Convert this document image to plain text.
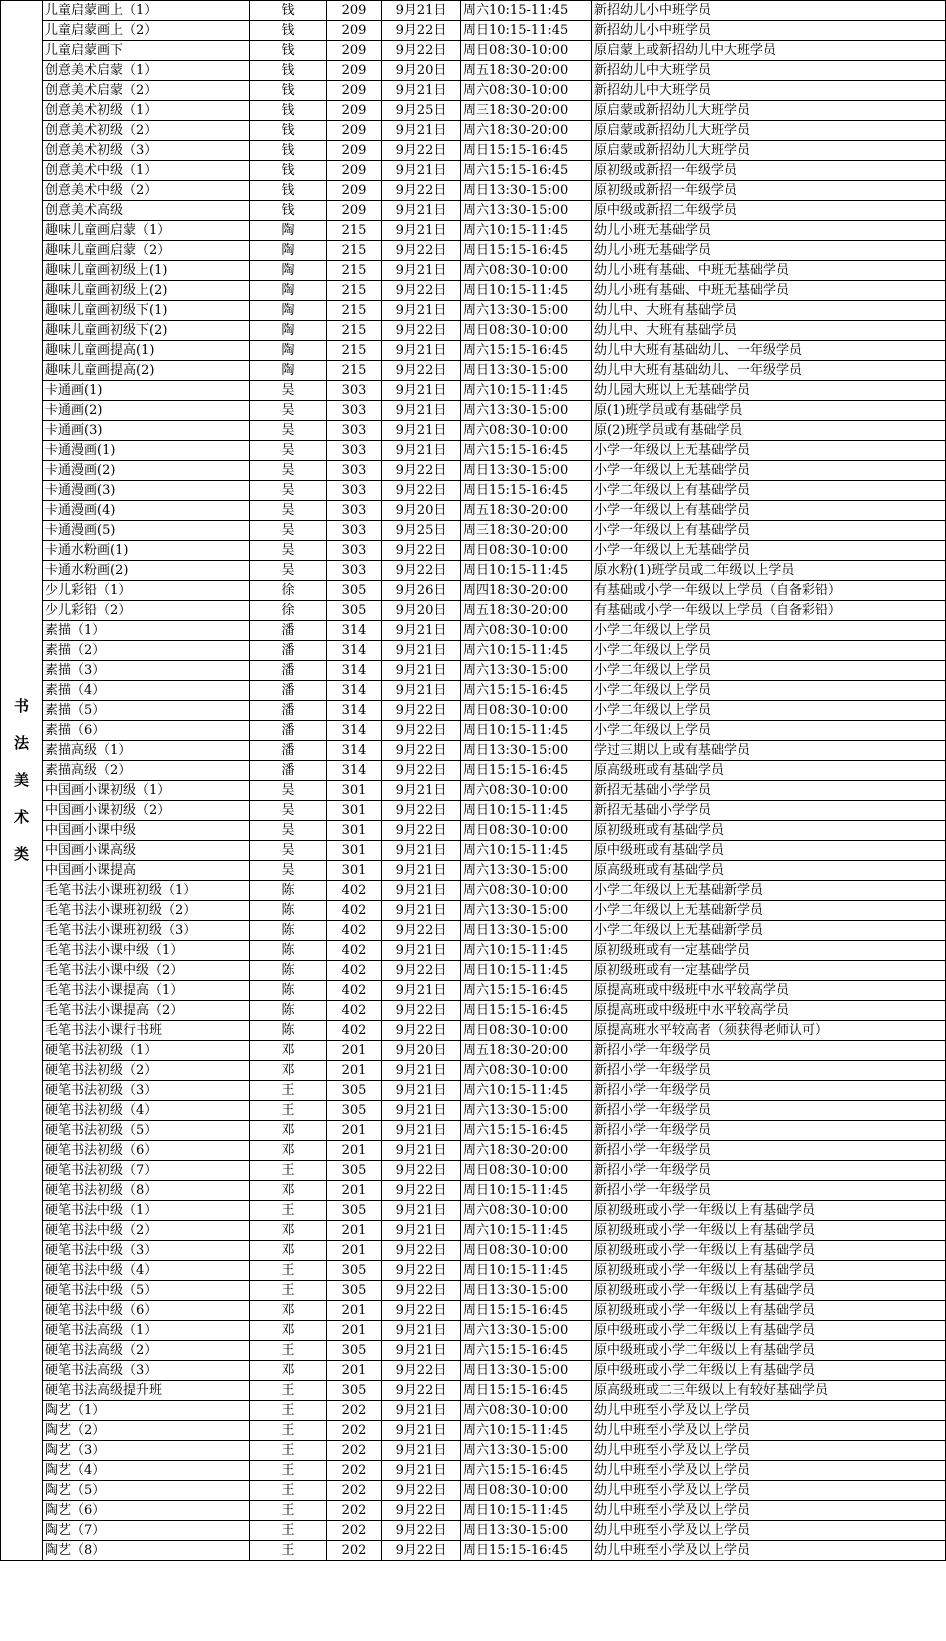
书
法
美
术
类	儿童启蒙画上（1）	钱	209	9月21日	周六10:15-11:45	新招幼儿小中班学员
	儿童启蒙画上（2）	钱	209	9月22日	周日10:15-11:45	新招幼儿小中班学员
	儿童启蒙画下	钱	209	9月22日	周日08:30-10:00	原启蒙上或新招幼儿中大班学员
	创意美术启蒙（1）	钱	209	9月20日	周五18:30-20:00	新招幼儿中大班学员
	创意美术启蒙（2）	钱	209	9月21日	周六08:30-10:00	新招幼儿中大班学员
	创意美术初级（1）	钱	209	9月25日	周三18:30-20:00	原启蒙或新招幼儿大班学员
	创意美术初级（2）	钱	209	9月21日	周六18:30-20:00	原启蒙或新招幼儿大班学员
	创意美术初级（3）	钱	209	9月22日	周日15:15-16:45	原启蒙或新招幼儿大班学员
	创意美术中级（1）	钱	209	9月21日	周六15:15-16:45	原初级或新招一年级学员
	创意美术中级（2）	钱	209	9月22日	周日13:30-15:00	原初级或新招一年级学员
	创意美术高级	钱	209	9月21日	周六13:30-15:00	原中级或新招二年级学员
	趣味儿童画启蒙（1）	陶	215	9月21日	周六10:15-11:45	幼儿小班无基础学员
	趣味儿童画启蒙（2）	陶	215	9月22日	周日15:15-16:45	幼儿小班无基础学员
	趣味儿童画初级上(1)	陶	215	9月21日	周六08:30-10:00	幼儿小班有基础、中班无基础学员
	趣味儿童画初级上(2)	陶	215	9月22日	周日10:15-11:45	幼儿小班有基础、中班无基础学员
	趣味儿童画初级下(1)	陶	215	9月21日	周六13:30-15:00	幼儿中、大班有基础学员
	趣味儿童画初级下(2)	陶	215	9月22日	周日08:30-10:00	幼儿中、大班有基础学员
	趣味儿童画提高(1)	陶	215	9月21日	周六15:15-16:45	幼儿中大班有基础幼儿、一年级学员
	趣味儿童画提高(2)	陶	215	9月22日	周日13:30-15:00	幼儿中大班有基础幼儿、一年级学员
	卡通画(1)	吴	303	9月21日	周六10:15-11:45	幼儿园大班以上无基础学员
	卡通画(2)	吴	303	9月21日	周六13:30-15:00	原(1)班学员或有基础学员
	卡通画(3)	吴	303	9月21日	周六08:30-10:00	原(2)班学员或有基础学员
	卡通漫画(1)	吴	303	9月21日	周六15:15-16:45	小学一年级以上无基础学员
	卡通漫画(2)	吴	303	9月22日	周日13:30-15:00	小学一年级以上无基础学员
	卡通漫画(3)	吴	303	9月22日	周日15:15-16:45	小学二年级以上有基础学员
	卡通漫画(4)	吴	303	9月20日	周五18:30-20:00	小学一年级以上有基础学员
	卡通漫画(5)	吴	303	9月25日	周三18:30-20:00	小学一年级以上有基础学员
	卡通水粉画(1)	吴	303	9月22日	周日08:30-10:00	小学一年级以上无基础学员
	卡通水粉画(2)	吴	303	9月22日	周日10:15-11:45	原水粉(1)班学员或二年级以上学员
	少儿彩铅（1）	徐	305	9月26日	周四18:30-20:00	有基础或小学一年级以上学员（自备彩铅）
	少儿彩铅（2）	徐	305	9月20日	周五18:30-20:00	有基础或小学一年级以上学员（自备彩铅）
	素描（1）	潘	314	9月21日	周六08:30-10:00	小学二年级以上学员
	素描（2）	潘	314	9月21日	周六10:15-11:45	小学二年级以上学员
	素描（3）	潘	314	9月21日	周六13:30-15:00	小学二年级以上学员
	素描（4）	潘	314	9月21日	周六15:15-16:45	小学二年级以上学员
	素描（5）	潘	314	9月22日	周日08:30-10:00	小学二年级以上学员
	素描（6）	潘	314	9月22日	周日10:15-11:45	小学二年级以上学员
	素描高级（1）	潘	314	9月22日	周日13:30-15:00	学过三期以上或有基础学员
	素描高级（2）	潘	314	9月22日	周日15:15-16:45	原高级班或有基础学员
	中国画小课初级（1）	吴	301	9月21日	周六08:30-10:00	新招无基础小学学员
	中国画小课初级（2）	吴	301	9月22日	周日10:15-11:45	新招无基础小学学员
	中国画小课中级	吴	301	9月22日	周日08:30-10:00	原初级班或有基础学员
	中国画小课高级	吴	301	9月21日	周六10:15-11:45	原中级班或有基础学员
	中国画小课提高	吴	301	9月21日	周六13:30-15:00	原高级班或有基础学员
	毛笔书法小课班初级（1）	陈	402	9月21日	周六08:30-10:00	小学二年级以上无基础新学员
	毛笔书法小课班初级（2）	陈	402	9月21日	周六13:30-15:00	小学二年级以上无基础新学员
	毛笔书法小课班初级（3）	陈	402	9月22日	周日13:30-15:00	小学二年级以上无基础新学员
	毛笔书法小课中级（1）	陈	402	9月21日	周六10:15-11:45	原初级班或有一定基础学员
	毛笔书法小课中级（2）	陈	402	9月22日	周日10:15-11:45	原初级班或有一定基础学员
	毛笔书法小课提高（1）	陈	402	9月21日	周六15:15-16:45	原提高班或中级班中水平较高学员
	毛笔书法小课提高（2）	陈	402	9月22日	周日15:15-16:45	原提高班或中级班中水平较高学员
	毛笔书法小课行书班	陈	402	9月22日	周日08:30-10:00	原提高班水平较高者（须获得老师认可）
	硬笔书法初级（1）	邓	201	9月20日	周五18:30-20:00	新招小学一年级学员
	硬笔书法初级（2）	邓	201	9月21日	周六08:30-10:00	新招小学一年级学员
	硬笔书法初级（3）	王	305	9月21日	周六10:15-11:45	新招小学一年级学员
	硬笔书法初级（4）	王	305	9月21日	周六13:30-15:00	新招小学一年级学员
	硬笔书法初级（5）	邓	201	9月21日	周六15:15-16:45	新招小学一年级学员
	硬笔书法初级（6）	邓	201	9月21日	周六18:30-20:00	新招小学一年级学员
	硬笔书法初级（7）	王	305	9月22日	周日08:30-10:00	新招小学一年级学员
	硬笔书法初级（8）	邓	201	9月22日	周日10:15-11:45	新招小学一年级学员
	硬笔书法中级（1）	王	305	9月21日	周六08:30-10:00	原初级班或小学一年级以上有基础学员
	硬笔书法中级（2）	邓	201	9月21日	周六10:15-11:45	原初级班或小学一年级以上有基础学员
	硬笔书法中级（3）	邓	201	9月22日	周日08:30-10:00	原初级班或小学一年级以上有基础学员
	硬笔书法中级（4）	王	305	9月22日	周日10:15-11:45	原初级班或小学一年级以上有基础学员
	硬笔书法中级（5）	王	305	9月22日	周日13:30-15:00	原初级班或小学一年级以上有基础学员
	硬笔书法中级（6）	邓	201	9月22日	周日15:15-16:45	原初级班或小学一年级以上有基础学员
	硬笔书法高级（1）	邓	201	9月21日	周六13:30-15:00	原中级班或小学二年级以上有基础学员
	硬笔书法高级（2）	王	305	9月21日	周六15:15-16:45	原中级班或小学二年级以上有基础学员
	硬笔书法高级（3）	邓	201	9月22日	周日13:30-15:00	原中级班或小学二年级以上有基础学员
	硬笔书法高级提升班	王	305	9月22日	周日15:15-16:45	原高级班或二三年级以上有较好基础学员
	陶艺（1）	王	202	9月21日	周六08:30-10:00	幼儿中班至小学及以上学员
	陶艺（2）	王	202	9月21日	周六10:15-11:45	幼儿中班至小学及以上学员
	陶艺（3）	王	202	9月21日	周六13:30-15:00	幼儿中班至小学及以上学员
	陶艺（4）	王	202	9月21日	周六15:15-16:45	幼儿中班至小学及以上学员
	陶艺（5）	王	202	9月22日	周日08:30-10:00	幼儿中班至小学及以上学员
	陶艺（6）	王	202	9月22日	周日10:15-11:45	幼儿中班至小学及以上学员
	陶艺（7）	王	202	9月22日	周日13:30-15:00	幼儿中班至小学及以上学员
	陶艺（8）	王	202	9月22日	周日15:15-16:45	幼儿中班至小学及以上学员
